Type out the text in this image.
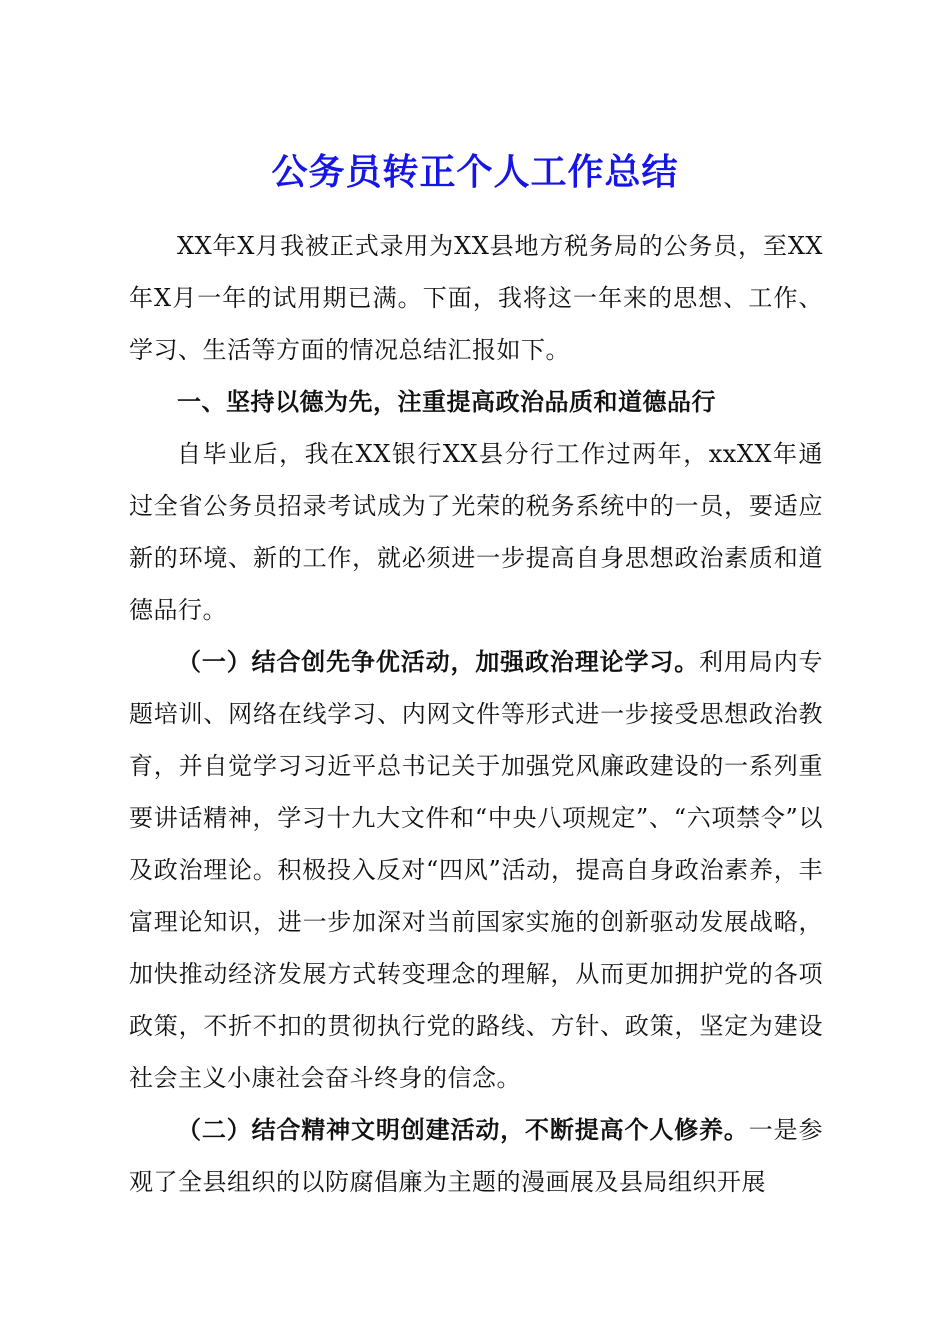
公务员转正个人工作总结

XX年X月我被正式录用为XX县地方税务局的公务员，至XX年X月一年的试用期已满。下面，我将这一年来的思想、工作、学习、生活等方面的情况总结汇报如下。

一、坚持以德为先，注重提高政治品质和道德品行

自毕业后，我在XX银行XX县分行工作过两年，xxXX年通过全省公务员招录考试成为了光荣的税务系统中的一员，要适应新的环境、新的工作，就必须进一步提高自身思想政治素质和道德品行。

（一）结合创先争优活动，加强政治理论学习。利用局内专题培训、网络在线学习、内网文件等形式进一步接受思想政治教育，并自觉学习习近平总书记关于加强党风廉政建设的一系列重要讲话精神，学习十九大文件和“中央八项规定”、“六项禁令”以及政治理论。积极投入反对“四风”活动，提高自身政治素养，丰富理论知识，进一步加深对当前国家实施的创新驱动发展战略，加快推动经济发展方式转变理念的理解，从而更加拥护党的各项政策，不折不扣的贯彻执行党的路线、方针、政策，坚定为建设社会主义小康社会奋斗终身的信念。

（二）结合精神文明创建活动，不断提高个人修养。一是参观了全县组织的以防腐倡廉为主题的漫画展及县局组织开展
